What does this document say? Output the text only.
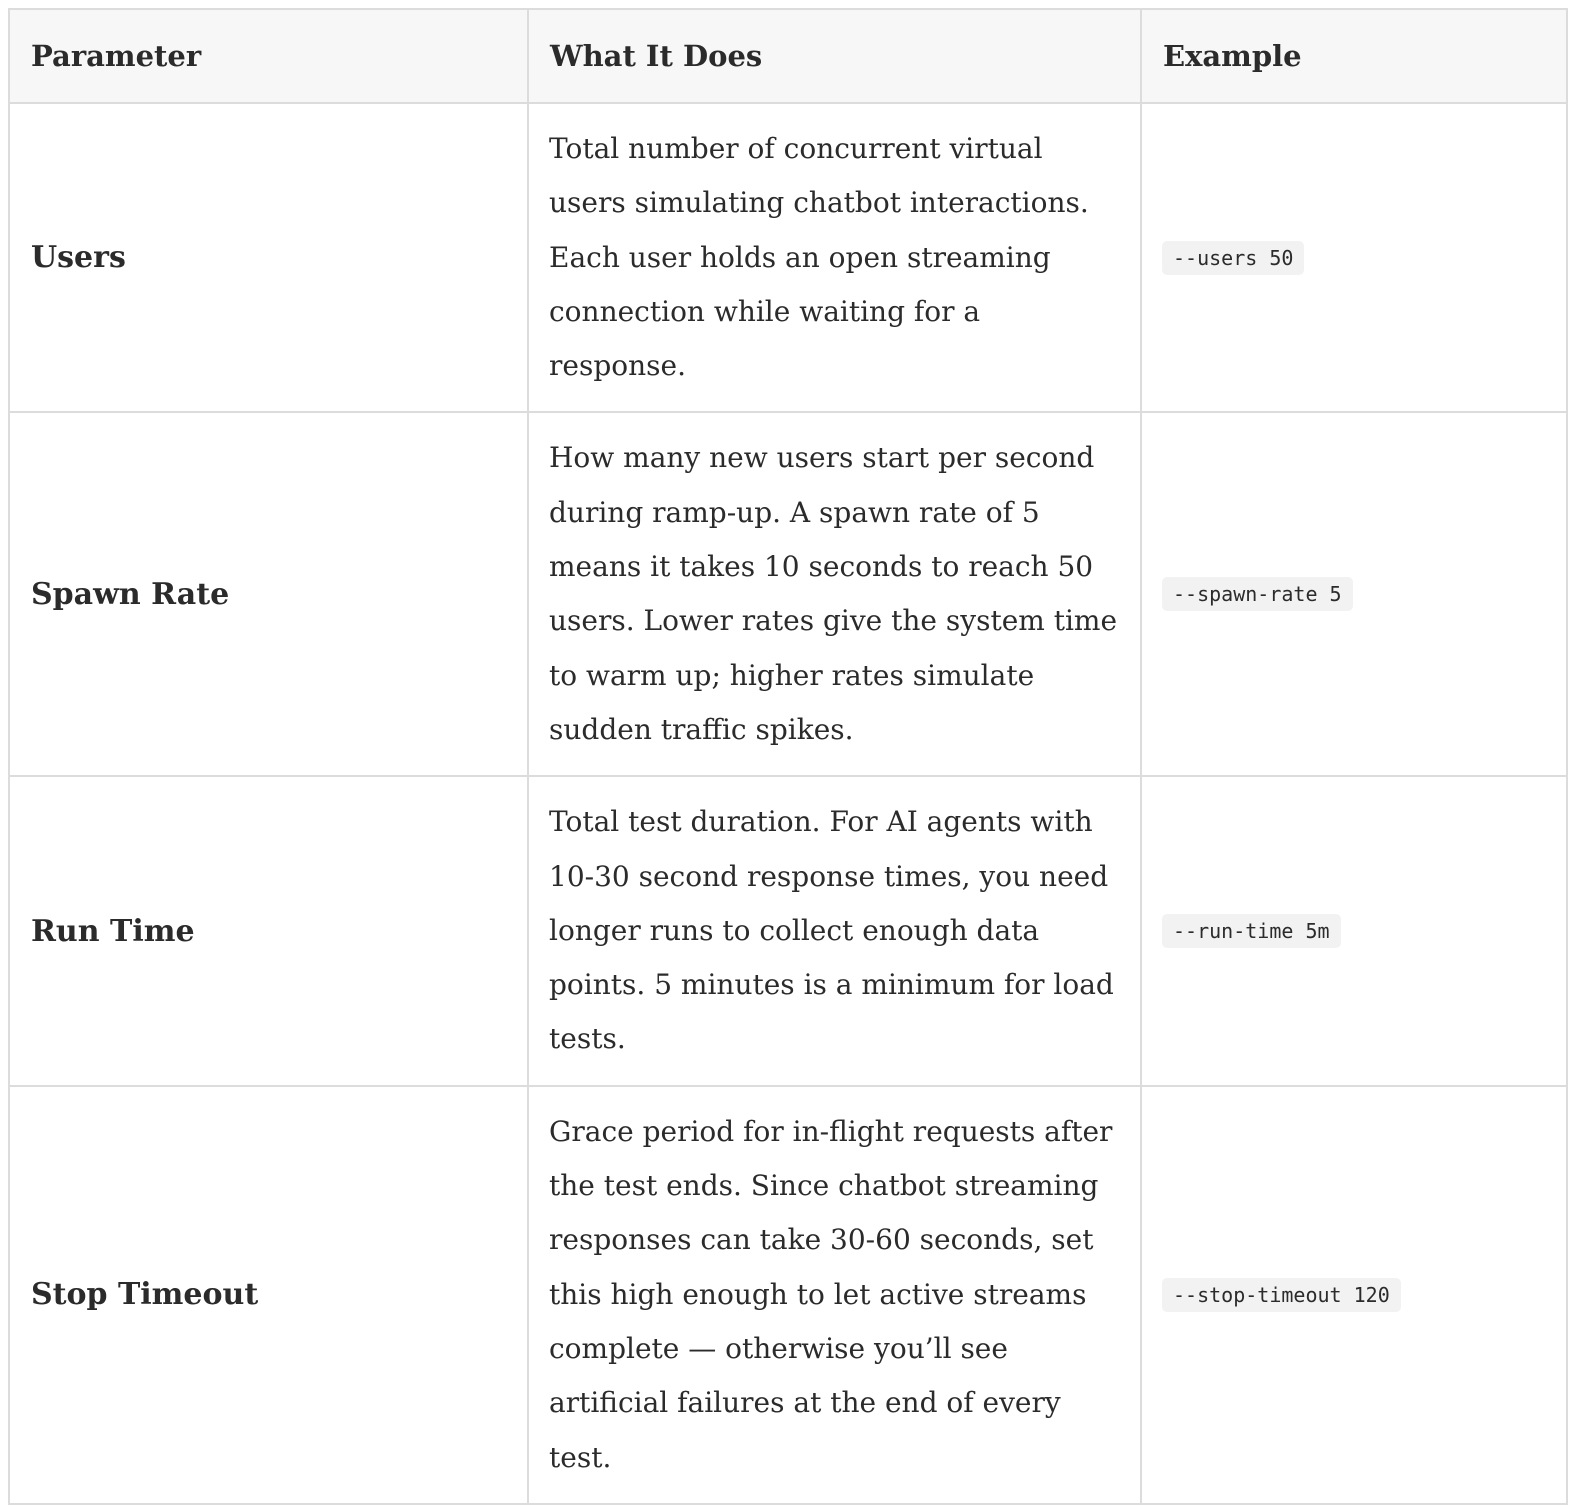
Parameter	What It Does	Example
Users	Total number of concurrent virtual users simulating chatbot interactions. Each user holds an open streaming connection while waiting for a response.	--users 50
Spawn Rate	How many new users start per second during ramp-up. A spawn rate of 5 means it takes 10 seconds to reach 50 users. Lower rates give the system time to warm up; higher rates simulate sudden traffic spikes.	--spawn-rate 5
Run Time	Total test duration. For AI agents with 10-30 second response times, you need longer runs to collect enough data points. 5 minutes is a minimum for load tests.	--run-time 5m
Stop Timeout	Grace period for in-flight requests after the test ends. Since chatbot streaming responses can take 30-60 seconds, set this high enough to let active streams complete — otherwise you’ll see artificial failures at the end of every test.	--stop-timeout 120
